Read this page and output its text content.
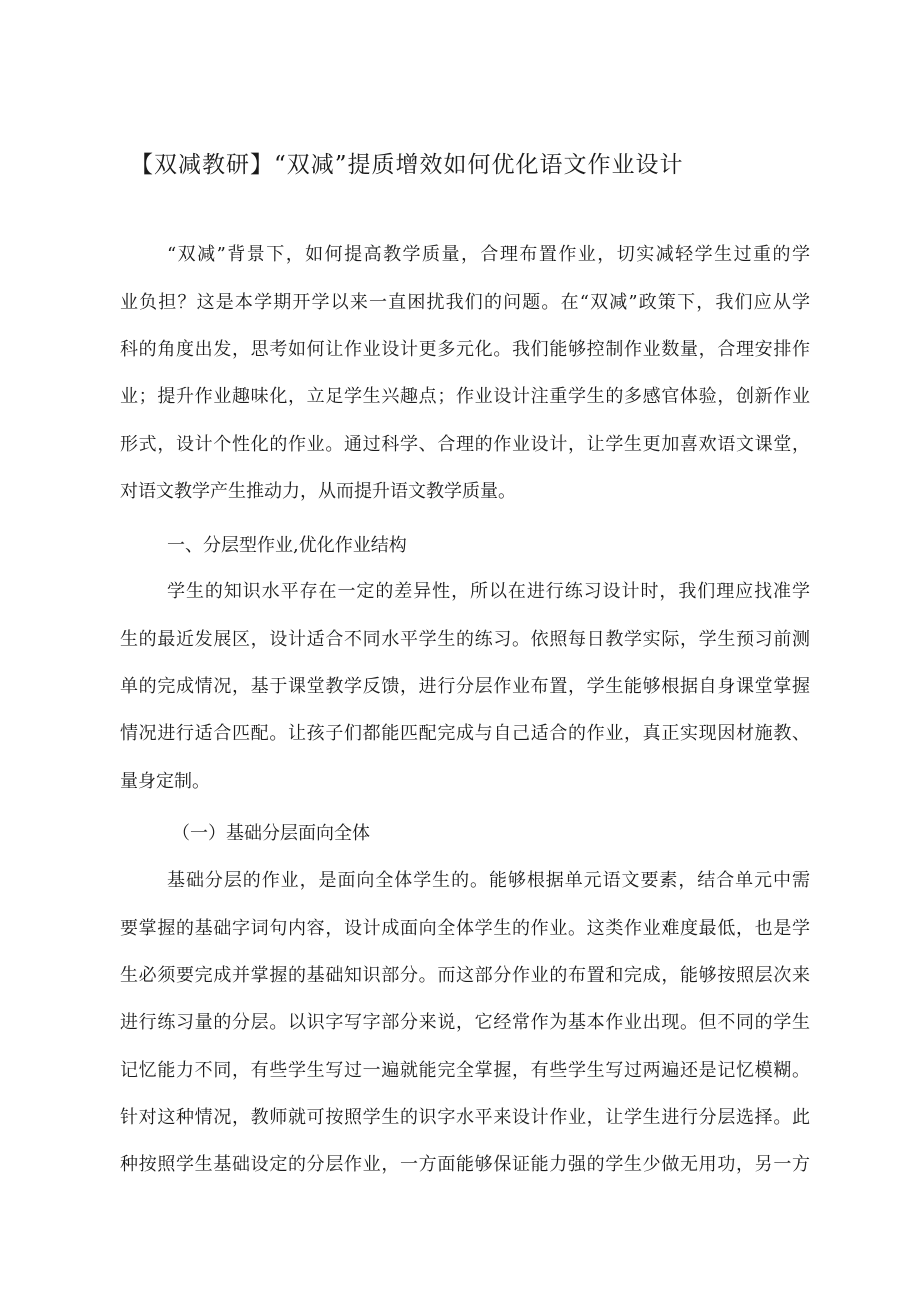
【双减教研】“双减”提质增效如何优化语文作业设计
“双减”背景下，如何提高教学质量，合理布置作业，切实减轻学生过重的学
业负担？这是本学期开学以来一直困扰我们的问题。在“双减”政策下，我们应从学
科的角度出发，思考如何让作业设计更多元化。我们能够控制作业数量，合理安排作
业；提升作业趣味化，立足学生兴趣点；作业设计注重学生的多感官体验，创新作业
形式，设计个性化的作业。通过科学、合理的作业设计，让学生更加喜欢语文课堂，
对语文教学产生推动力，从而提升语文教学质量。
一、分层型作业,优化作业结构
学生的知识水平存在一定的差异性，所以在进行练习设计时，我们理应找准学
生的最近发展区，设计适合不同水平学生的练习。依照每日教学实际，学生预习前测
单的完成情况，基于课堂教学反馈，进行分层作业布置，学生能够根据自身课堂掌握
情况进行适合匹配。让孩子们都能匹配完成与自己适合的作业，真正实现因材施教、
量身定制。
（一）基础分层面向全体
基础分层的作业，是面向全体学生的。能够根据单元语文要素，结合单元中需
要掌握的基础字词句内容，设计成面向全体学生的作业。这类作业难度最低，也是学
生必须要完成并掌握的基础知识部分。而这部分作业的布置和完成，能够按照层次来
进行练习量的分层。以识字写字部分来说，它经常作为基本作业出现。但不同的学生
记忆能力不同，有些学生写过一遍就能完全掌握，有些学生写过两遍还是记忆模糊。
针对这种情况，教师就可按照学生的识字水平来设计作业，让学生进行分层选择。此
种按照学生基础设定的分层作业，一方面能够保证能力强的学生少做无用功，另一方
